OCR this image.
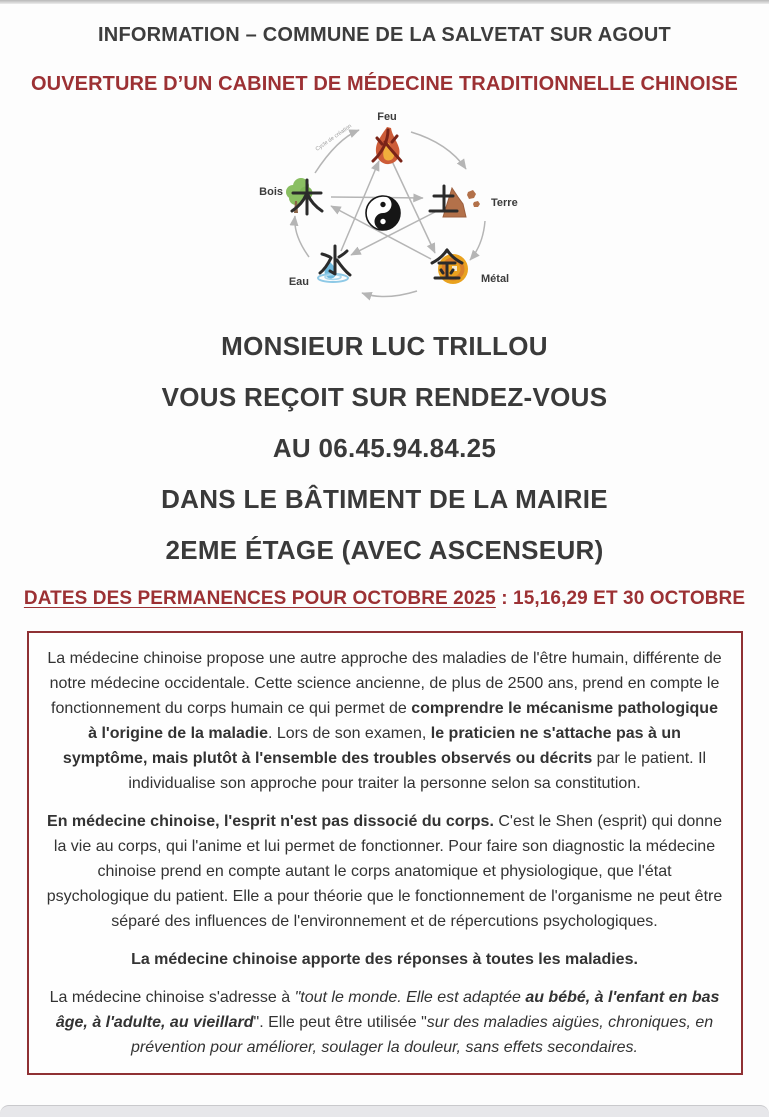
INFORMATION – COMMUNE DE LA SALVETAT SUR AGOUT
OUVERTURE D’UN CABINET DE MÉDECINE TRADITIONNELLE CHINOISE
Cycle de création
Feu
Bois
Terre
Eau	Métal
MONSIEUR LUC TRILLOU
VOUS REÇOIT SUR RENDEZ-VOUS
AU 06.45.94.84.25
DANS LE BÂTIMENT DE LA MAIRIE
2EME ÉTAGE (AVEC ASCENSEUR)
DATES DES PERMANENCES POUR OCTOBRE 2025 : 15,16,29 ET 30 OCTOBRE

La médecine chinoise propose une autre approche des maladies de l'être humain, différente de notre médecine occidentale. Cette science ancienne, de plus de 2500 ans, prend en compte le fonctionnement du corps humain ce qui permet de comprendre le mécanisme pathologique à l'origine de la maladie. Lors de son examen, le praticien ne s'attache pas à un symptôme, mais plutôt à l'ensemble des troubles observés ou décrits par le patient. Il individualise son approche pour traiter la personne selon sa constitution.

En médecine chinoise, l'esprit n'est pas dissocié du corps. C'est le Shen (esprit) qui donne la vie au corps, qui l'anime et lui permet de fonctionner. Pour faire son diagnostic la médecine chinoise prend en compte autant le corps anatomique et physiologique, que l'état psychologique du patient. Elle a pour théorie que le fonctionnement de l'organisme ne peut être séparé des influences de l'environnement et de répercutions psychologiques.

La médecine chinoise apporte des réponses à toutes les maladies.

La médecine chinoise s'adresse à "tout le monde. Elle est adaptée au bébé, à l'enfant en bas âge, à l'adulte, au vieillard". Elle peut être utilisée "sur des maladies aigües, chroniques, en prévention pour améliorer, soulager la douleur, sans effets secondaires.
